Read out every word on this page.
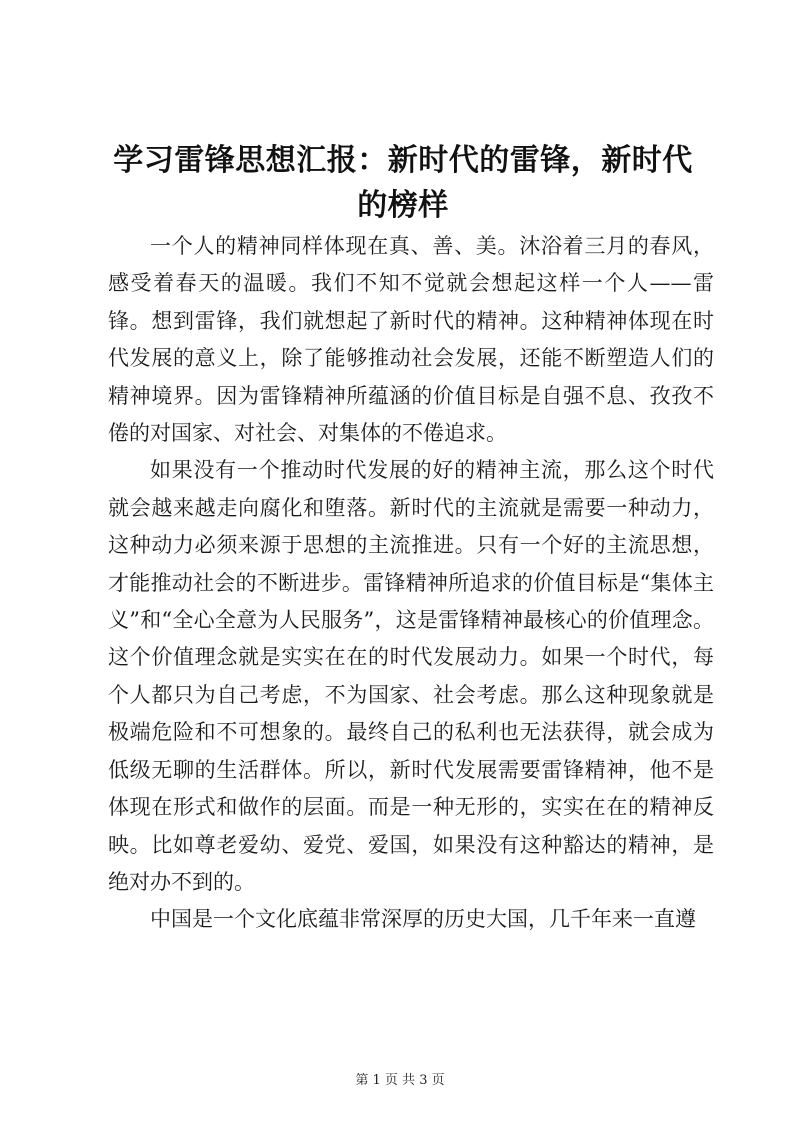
学习雷锋思想汇报：新时代的雷锋，新时代的榜样

一个人的精神同样体现在真、善、美。沐浴着三月的春风，感受着春天的温暖。我们不知不觉就会想起这样一个人——雷锋。想到雷锋，我们就想起了新时代的精神。这种精神体现在时代发展的意义上，除了能够推动社会发展，还能不断塑造人们的精神境界。因为雷锋精神所蕴涵的价值目标是自强不息、孜孜不倦的对国家、对社会、对集体的不倦追求。

如果没有一个推动时代发展的好的精神主流，那么这个时代就会越来越走向腐化和堕落。新时代的主流就是需要一种动力，这种动力必须来源于思想的主流推进。只有一个好的主流思想，才能推动社会的不断进步。雷锋精神所追求的价值目标是“集体主义”和“全心全意为人民服务”，这是雷锋精神最核心的价值理念。这个价值理念就是实实在在的时代发展动力。如果一个时代，每个人都只为自己考虑，不为国家、社会考虑。那么这种现象就是极端危险和不可想象的。最终自己的私利也无法获得，就会成为低级无聊的生活群体。所以，新时代发展需要雷锋精神，他不是体现在形式和做作的层面。而是一种无形的，实实在在的精神反映。比如尊老爱幼、爱党、爱国，如果没有这种豁达的精神，是绝对办不到的。

中国是一个文化底蕴非常深厚的历史大国，几千年来一直遵

第 1 页 共 3 页
